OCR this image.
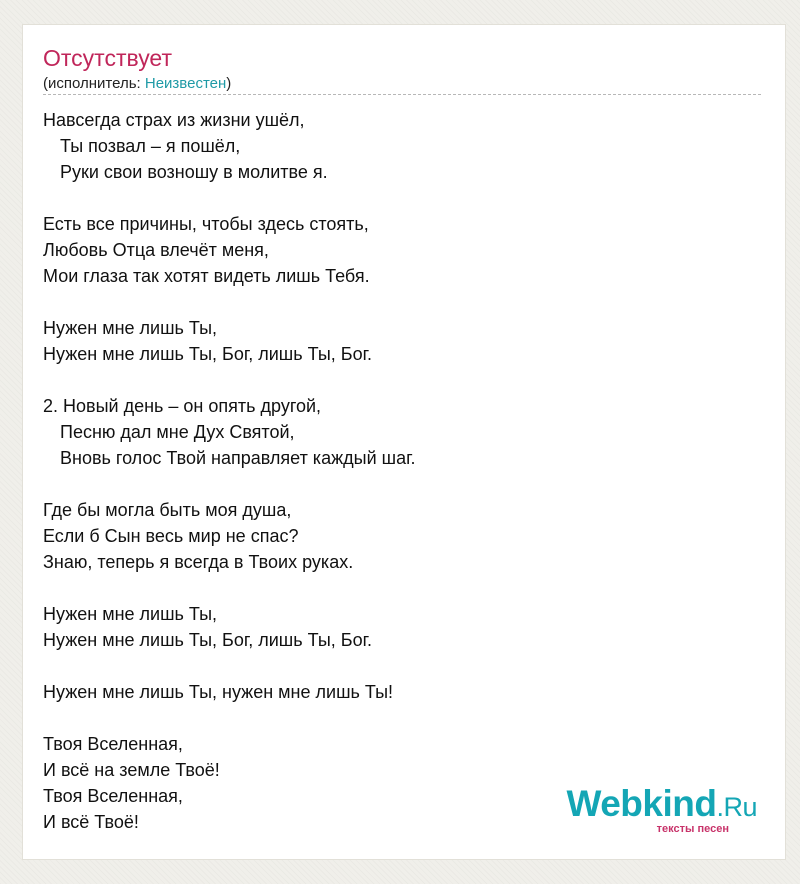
Отсутствует
(исполнитель: Неизвестен)
Навсегда страх из жизни ушёл,
Ты позвал – я пошёл,
Руки свои возношу в молитве я.
Есть все причины, чтобы здесь стоять,
Любовь Отца влечёт меня,
Мои глаза так хотят видеть лишь Тебя.
Нужен мне лишь Ты,
Нужен мне лишь Ты, Бог, лишь Ты, Бог.
2. Новый день – он опять другой,
Песню дал мне Дух Святой,
Вновь голос Твой направляет каждый шаг.
Где бы могла быть моя душа,
Если б Сын весь мир не спас?
Знаю, теперь я всегда в Твоих руках.
Нужен мне лишь Ты,
Нужен мне лишь Ты, Бог, лишь Ты, Бог.
Нужен мне лишь Ты, нужен мне лишь Ты!
Твоя Вселенная,
И всё на земле Твоё!
Твоя Вселенная,
И всё Твоё!	Webkind.Ru
тексты песен
